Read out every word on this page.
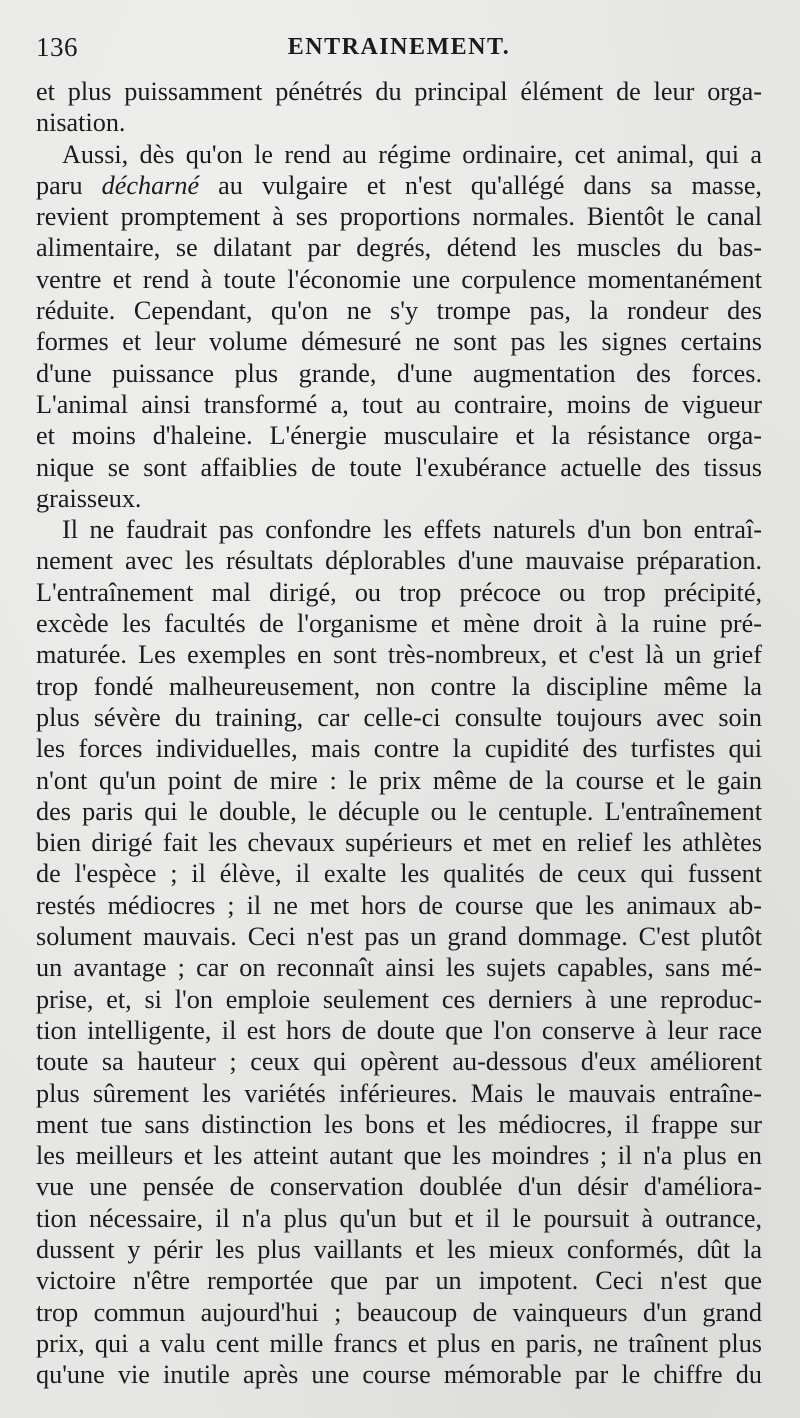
136	ENTRAINEMENT.
et plus puissamment pénétrés du principal élément de leur orga-
nisation.
Aussi, dès qu'on le rend au régime ordinaire, cet animal, qui a
paru décharné au vulgaire et n'est qu'allégé dans sa masse,
revient promptement à ses proportions normales. Bientôt le canal
alimentaire, se dilatant par degrés, détend les muscles du bas-
ventre et rend à toute l'économie une corpulence momentanément
réduite. Cependant, qu'on ne s'y trompe pas, la rondeur des
formes et leur volume démesuré ne sont pas les signes certains
d'une puissance plus grande, d'une augmentation des forces.
L'animal ainsi transformé a, tout au contraire, moins de vigueur
et moins d'haleine. L'énergie musculaire et la résistance orga-
nique se sont affaiblies de toute l'exubérance actuelle des tissus
graisseux.
Il ne faudrait pas confondre les effets naturels d'un bon entraî-
nement avec les résultats déplorables d'une mauvaise préparation.
L'entraînement mal dirigé, ou trop précoce ou trop précipité,
excède les facultés de l'organisme et mène droit à la ruine pré-
maturée. Les exemples en sont très-nombreux, et c'est là un grief
trop fondé malheureusement, non contre la discipline même la
plus sévère du training, car celle-ci consulte toujours avec soin
les forces individuelles, mais contre la cupidité des turfistes qui
n'ont qu'un point de mire : le prix même de la course et le gain
des paris qui le double, le décuple ou le centuple. L'entraînement
bien dirigé fait les chevaux supérieurs et met en relief les athlètes
de l'espèce ; il élève, il exalte les qualités de ceux qui fussent
restés médiocres ; il ne met hors de course que les animaux ab-
solument mauvais. Ceci n'est pas un grand dommage. C'est plutôt
un avantage ; car on reconnaît ainsi les sujets capables, sans mé-
prise, et, si l'on emploie seulement ces derniers à une reproduc-
tion intelligente, il est hors de doute que l'on conserve à leur race
toute sa hauteur ; ceux qui opèrent au-dessous d'eux améliorent
plus sûrement les variétés inférieures. Mais le mauvais entraîne-
ment tue sans distinction les bons et les médiocres, il frappe sur
les meilleurs et les atteint autant que les moindres ; il n'a plus en
vue une pensée de conservation doublée d'un désir d'améliora-
tion nécessaire, il n'a plus qu'un but et il le poursuit à outrance,
dussent y périr les plus vaillants et les mieux conformés, dût la
victoire n'être remportée que par un impotent. Ceci n'est que
trop commun aujourd'hui ; beaucoup de vainqueurs d'un grand
prix, qui a valu cent mille francs et plus en paris, ne traînent plus
qu'une vie inutile après une course mémorable par le chiffre du
